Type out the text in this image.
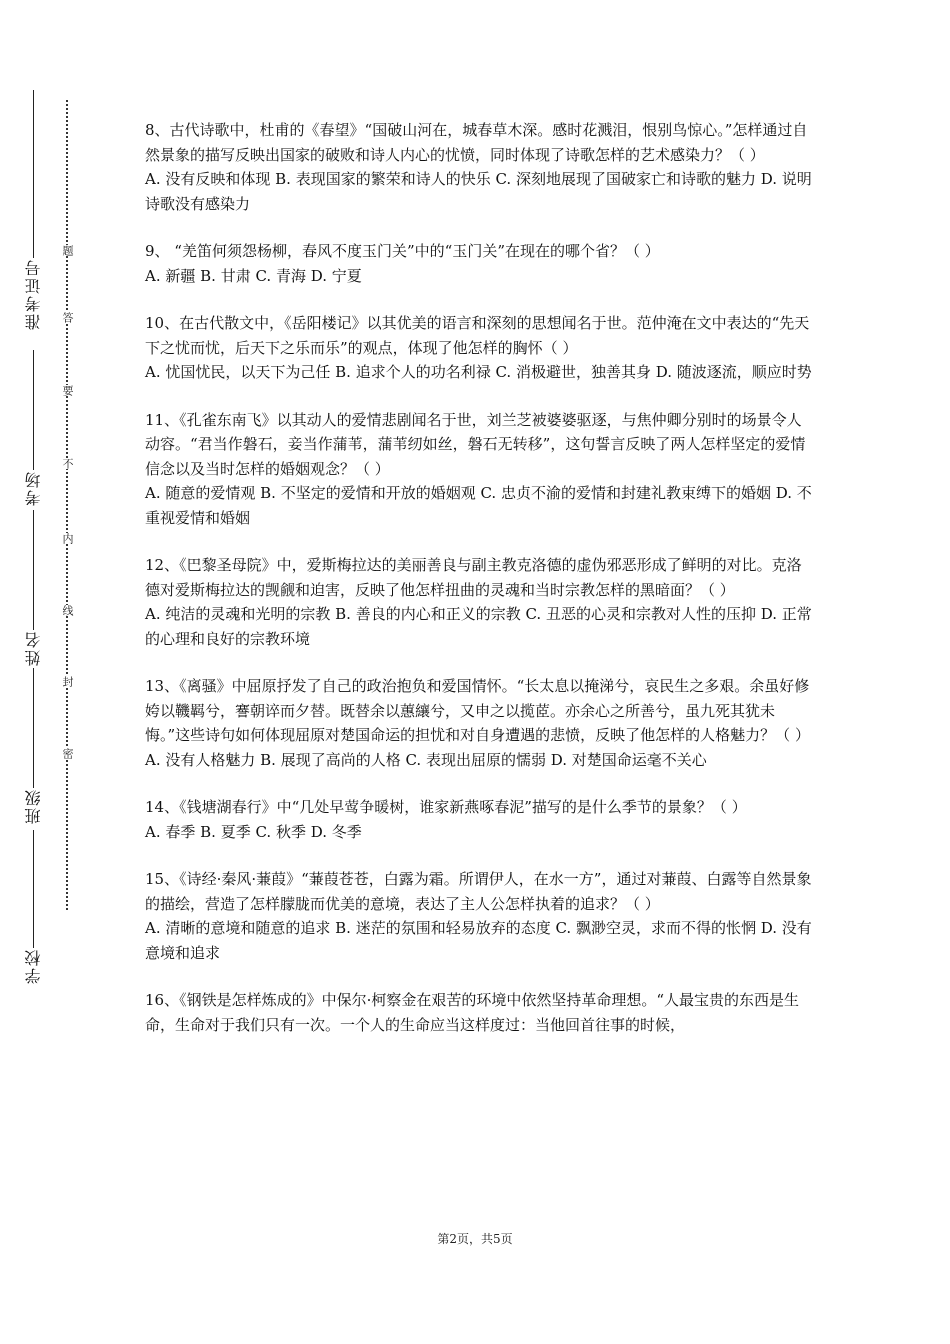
准考证号
考场
姓名
班级
学校
题
答
要
不
内
线
封
密

8、古代诗歌中，杜甫的《春望》“国破山河在，城春草木深。感时花溅泪，恨别鸟惊心。”怎样通过自然景象的描写反映出国家的破败和诗人内心的忧愤，同时体现了诗歌怎样的艺术感染力？（ ）

A. 没有反映和体现 B. 表现国家的繁荣和诗人的快乐 C. 深刻地展现了国破家亡和诗歌的魅力 D. 说明诗歌没有感染力

9、 “羌笛何须怨杨柳，春风不度玉门关”中的“玉门关”在现在的哪个省？（ ）

A. 新疆 B. 甘肃 C. 青海 D. 宁夏

10、在古代散文中，《岳阳楼记》以其优美的语言和深刻的思想闻名于世。范仲淹在文中表达的“先天下之忧而忧，后天下之乐而乐”的观点，体现了他怎样的胸怀（ ）

A. 忧国忧民，以天下为己任 B. 追求个人的功名利禄 C. 消极避世，独善其身 D. 随波逐流，顺应时势

11、《孔雀东南飞》以其动人的爱情悲剧闻名于世，刘兰芝被婆婆驱逐，与焦仲卿分别时的场景令人动容。“君当作磐石，妾当作蒲苇，蒲苇纫如丝，磐石无转移”，这句誓言反映了两人怎样坚定的爱情信念以及当时怎样的婚姻观念？（ ）

A. 随意的爱情观 B. 不坚定的爱情和开放的婚姻观 C. 忠贞不渝的爱情和封建礼教束缚下的婚姻 D. 不重视爱情和婚姻

12、《巴黎圣母院》中，爱斯梅拉达的美丽善良与副主教克洛德的虚伪邪恶形成了鲜明的对比。克洛德对爱斯梅拉达的觊觎和迫害，反映了他怎样扭曲的灵魂和当时宗教怎样的黑暗面？（ ）

A. 纯洁的灵魂和光明的宗教 B. 善良的内心和正义的宗教 C. 丑恶的心灵和宗教对人性的压抑 D. 正常的心理和良好的宗教环境

13、《离骚》中屈原抒发了自己的政治抱负和爱国情怀。“长太息以掩涕兮，哀民生之多艰。余虽好修姱以鞿羁兮，謇朝谇而夕替。既替余以蕙纕兮，又申之以揽茝。亦余心之所善兮，虽九死其犹未悔。”这些诗句如何体现屈原对楚国命运的担忧和对自身遭遇的悲愤，反映了他怎样的人格魅力？（ ）

A. 没有人格魅力 B. 展现了高尚的人格 C. 表现出屈原的懦弱 D. 对楚国命运毫不关心

14、《钱塘湖春行》中“几处早莺争暖树，谁家新燕啄春泥”描写的是什么季节的景象？（ ）

A. 春季 B. 夏季 C. 秋季 D. 冬季

15、《诗经·秦风·蒹葭》“蒹葭苍苍，白露为霜。所谓伊人，在水一方”，通过对蒹葭、白露等自然景象的描绘，营造了怎样朦胧而优美的意境，表达了主人公怎样执着的追求？（ ）

A. 清晰的意境和随意的追求 B. 迷茫的氛围和轻易放弃的态度 C. 飘渺空灵，求而不得的怅惘 D. 没有意境和追求

16、《钢铁是怎样炼成的》中保尔·柯察金在艰苦的环境中依然坚持革命理想。“人最宝贵的东西是生命，生命对于我们只有一次。一个人的生命应当这样度过：当他回首往事的时候，

第2页，共5页
